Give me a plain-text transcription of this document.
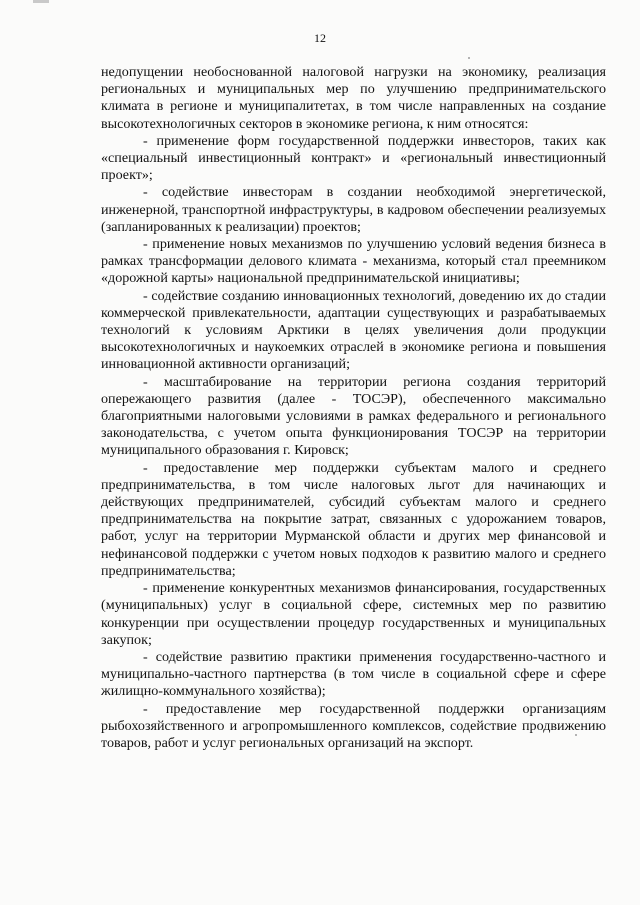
12

недопущении необоснованной налоговой нагрузки на экономику, реализация региональных и муниципальных мер по улучшению предпринимательского климата в регионе и муниципалитетах, в том числе направленных на создание высокотехнологичных секторов в экономике региона, к ним относятся:

- применение форм государственной поддержки инвесторов, таких как «специальный инвестиционный контракт» и «региональный инвестиционный проект»;

- содействие инвесторам в создании необходимой энергетической, инженерной, транспортной инфраструктуры, в кадровом обеспечении реализуемых (запланированных к реализации) проектов;

- применение новых механизмов по улучшению условий ведения бизнеса в рамках трансформации делового климата - механизма, который стал преемником «дорожной карты» национальной предпринимательской инициативы;

- содействие созданию инновационных технологий, доведению их до стадии коммерческой привлекательности, адаптации существующих и разрабатываемых технологий к условиям Арктики в целях увеличения доли продукции высокотехнологичных и наукоемких отраслей в экономике региона и повышения инновационной активности организаций;

- масштабирование на территории региона создания территорий опережающего развития (далее - ТОСЭР), обеспеченного максимально благоприятными налоговыми условиями в рамках федерального и регионального законодательства, с учетом опыта функционирования ТОСЭР на территории муниципального образования г. Кировск;

- предоставление мер поддержки субъектам малого и среднего предпринимательства, в том числе налоговых льгот для начинающих и действующих предпринимателей, субсидий субъектам малого и среднего предпринимательства на покрытие затрат, связанных с удорожанием товаров, работ, услуг на территории Мурманской области и других мер финансовой и нефинансовой поддержки с учетом новых подходов к развитию малого и среднего предпринимательства;

- применение конкурентных механизмов финансирования, государственных (муниципальных) услуг в социальной сфере, системных мер по развитию конкуренции при осуществлении процедур государственных и муниципальных закупок;

- содействие развитию практики применения государственно-частного и муниципально-частного партнерства (в том числе в социальной сфере и сфере жилищно-коммунального хозяйства);

- предоставление мер государственной поддержки организациям рыбохозяйственного и агропромышленного комплексов, содействие продвижению товаров, работ и услуг региональных организаций на экспорт.
